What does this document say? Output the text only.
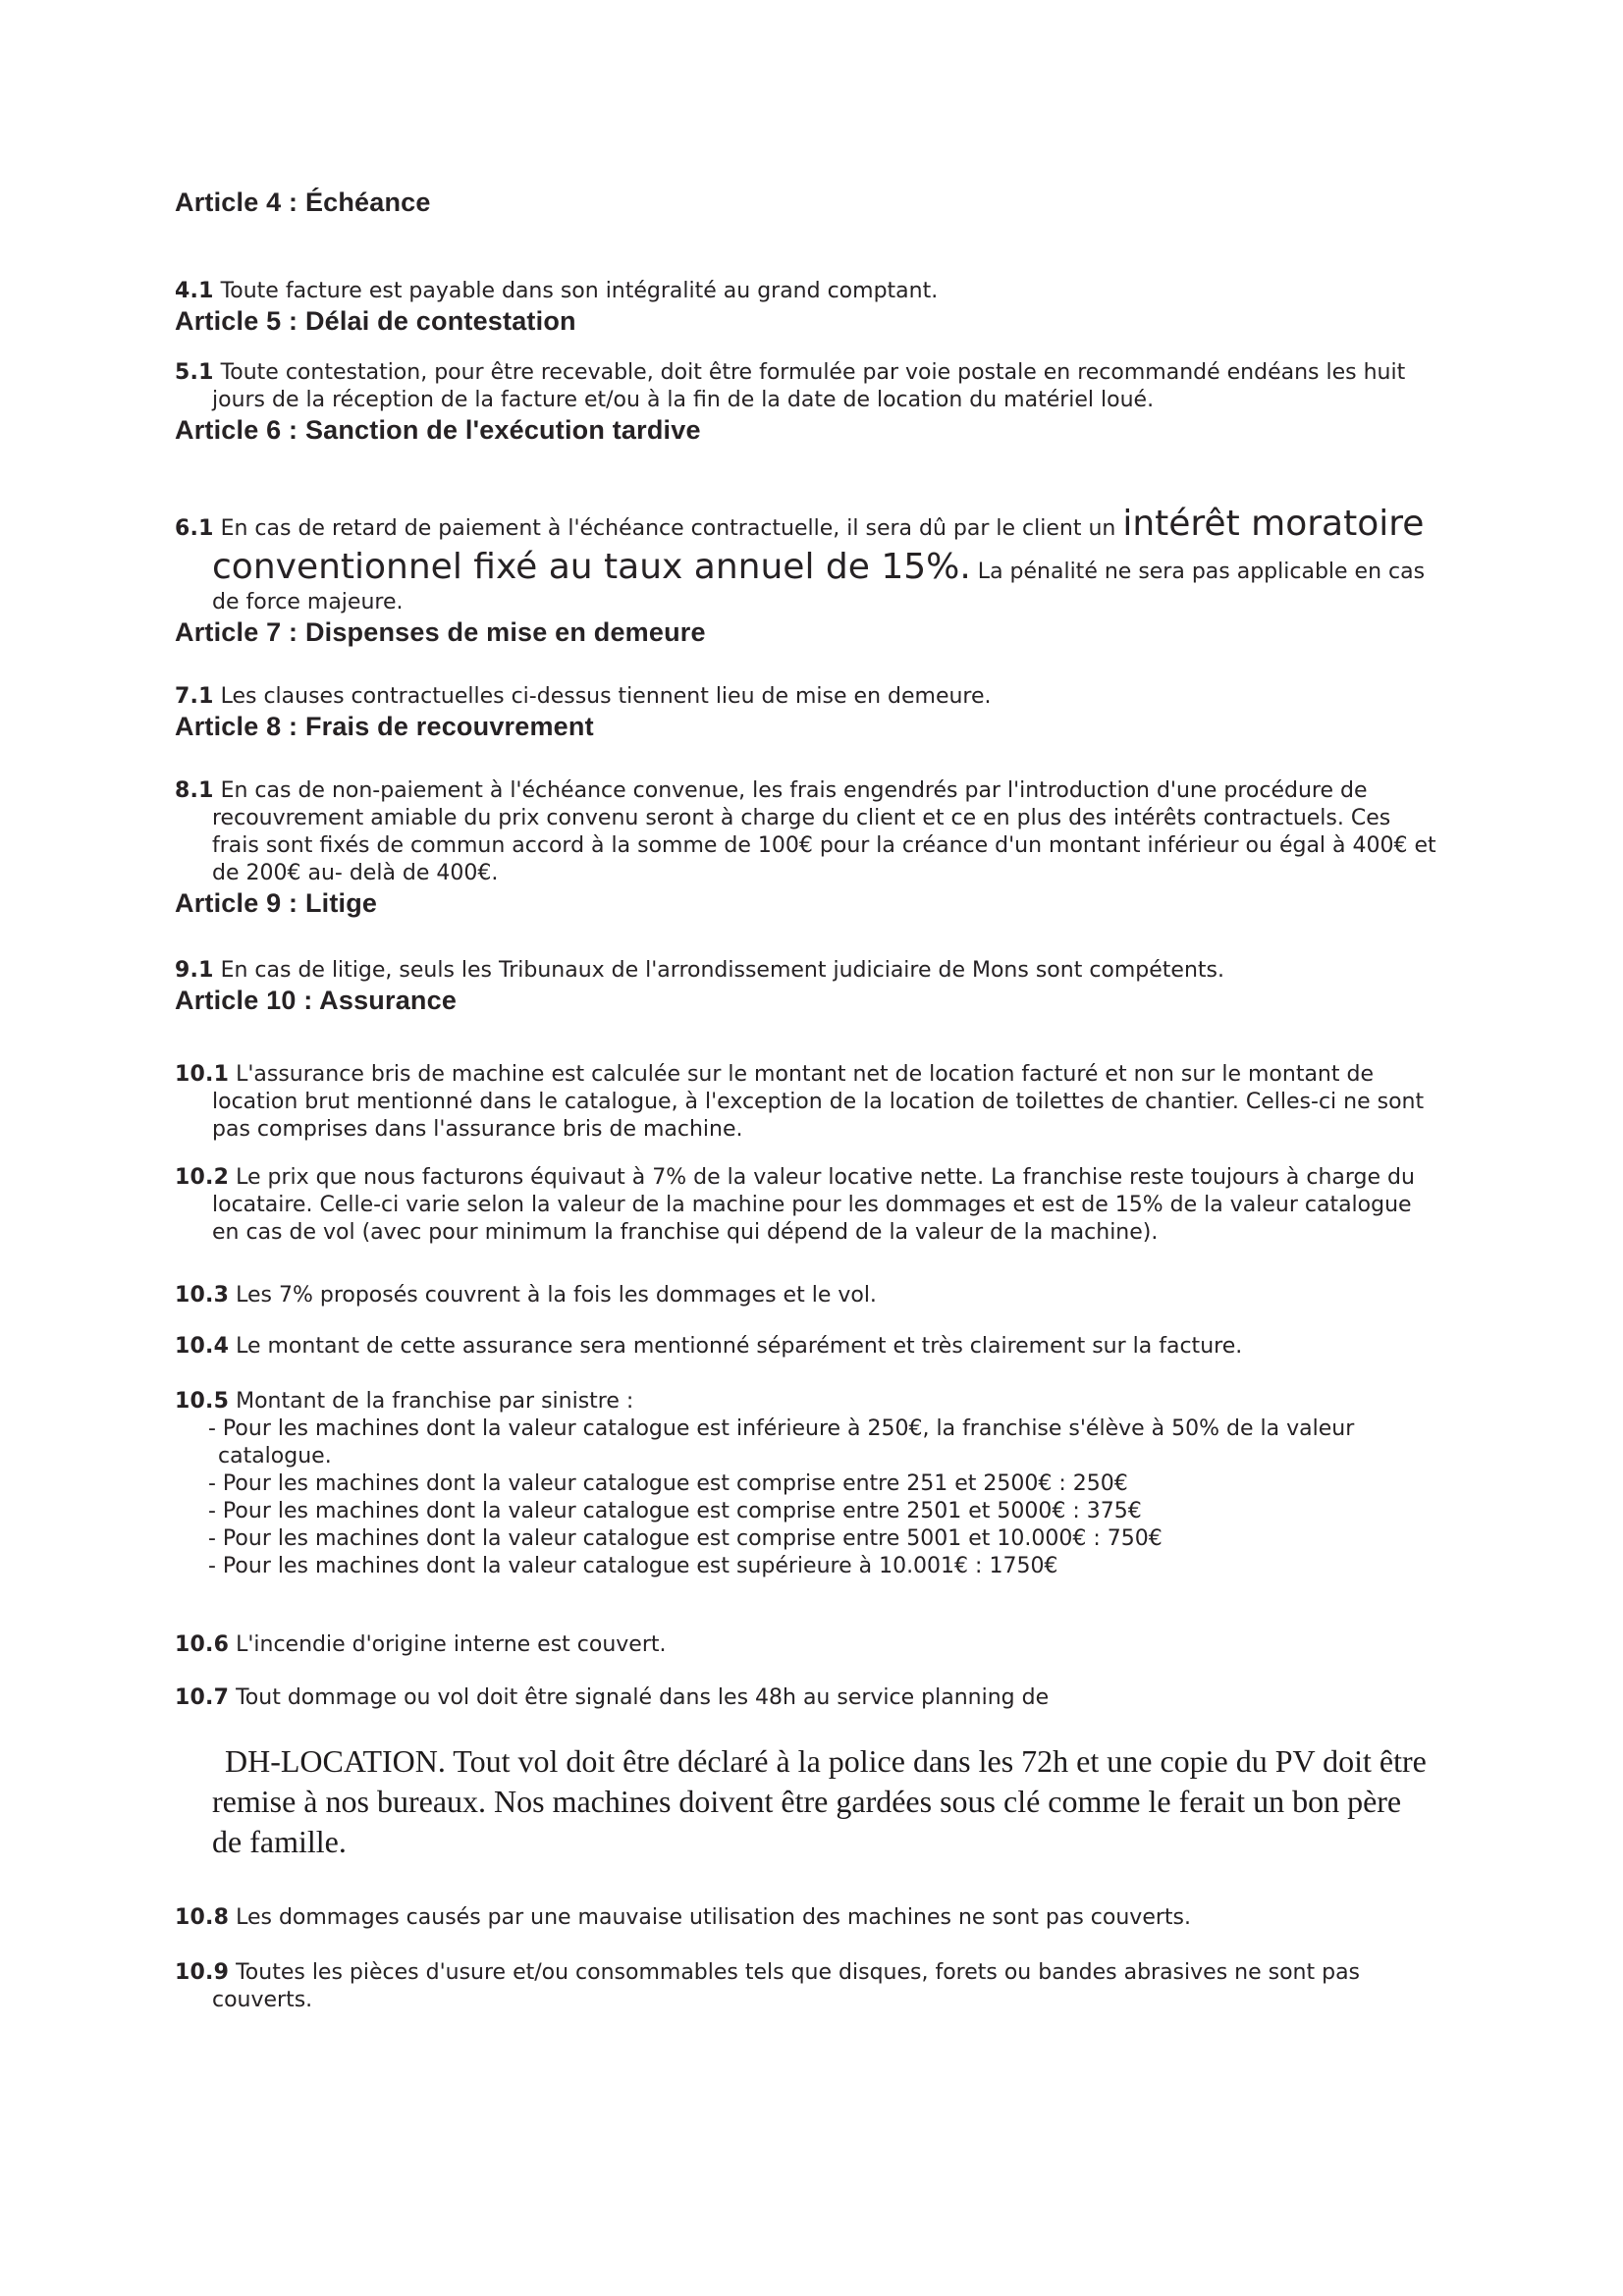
Article 4 : Échéance

4.1 Toute facture est payable dans son intégralité au grand comptant.

Article 5 : Délai de contestation

5.1 Toute contestation, pour être recevable, doit être formulée par voie postale en recommandé endéans les huit jours de la réception de la facture et/ou à la fin de la date de location du matériel loué.

Article 6 : Sanction de l'exécution tardive

6.1 En cas de retard de paiement à l'échéance contractuelle, il sera dû par le client un intérêt moratoire conventionnel fixé au taux annuel de 15%. La pénalité ne sera pas applicable en cas de force majeure.

Article 7 : Dispenses de mise en demeure

7.1 Les clauses contractuelles ci-dessus tiennent lieu de mise en demeure.

Article 8 : Frais de recouvrement

8.1 En cas de non-paiement à l'échéance convenue, les frais engendrés par l'introduction d'une procédure de recouvrement amiable du prix convenu seront à charge du client et ce en plus des intérêts contractuels. Ces frais sont fixés de commun accord à la somme de 100€ pour la créance d'un montant inférieur ou égal à 400€ et de 200€ au- delà de 400€.

Article 9 : Litige

9.1 En cas de litige, seuls les Tribunaux de l'arrondissement judiciaire de Mons sont compétents.

Article 10 : Assurance

10.1 L'assurance bris de machine est calculée sur le montant net de location facturé et non sur le montant de location brut mentionné dans le catalogue, à l'exception de la location de toilettes de chantier. Celles-ci ne sont pas comprises dans l'assurance bris de machine.

10.2 Le prix que nous facturons équivaut à 7% de la valeur locative nette. La franchise reste toujours à charge du locataire. Celle-ci varie selon la valeur de la machine pour les dommages et est de 15% de la valeur catalogue en cas de vol (avec pour minimum la franchise qui dépend de la valeur de la machine).

10.3 Les 7% proposés couvrent à la fois les dommages et le vol.

10.4 Le montant de cette assurance sera mentionné séparément et très clairement sur la facture.

10.5 Montant de la franchise par sinistre :

- Pour les machines dont la valeur catalogue est inférieure à 250€, la franchise s'élève à 50% de la valeur catalogue.

- Pour les machines dont la valeur catalogue est comprise entre 251 et 2500€ : 250€

- Pour les machines dont la valeur catalogue est comprise entre 2501 et 5000€ : 375€

- Pour les machines dont la valeur catalogue est comprise entre 5001 et 10.000€ : 750€

- Pour les machines dont la valeur catalogue est supérieure à 10.001€ : 1750€

10.6 L'incendie d'origine interne est couvert.

10.7 Tout dommage ou vol doit être signalé dans les 48h au service planning de

DH-LOCATION. Tout vol doit être déclaré à la police dans les 72h et une copie du PV doit être remise à nos bureaux. Nos machines doivent être gardées sous clé comme le ferait un bon père de famille.

10.8 Les dommages causés par une mauvaise utilisation des machines ne sont pas couverts.

10.9 Toutes les pièces d'usure et/ou consommables tels que disques, forets ou bandes abrasives ne sont pas couverts.
